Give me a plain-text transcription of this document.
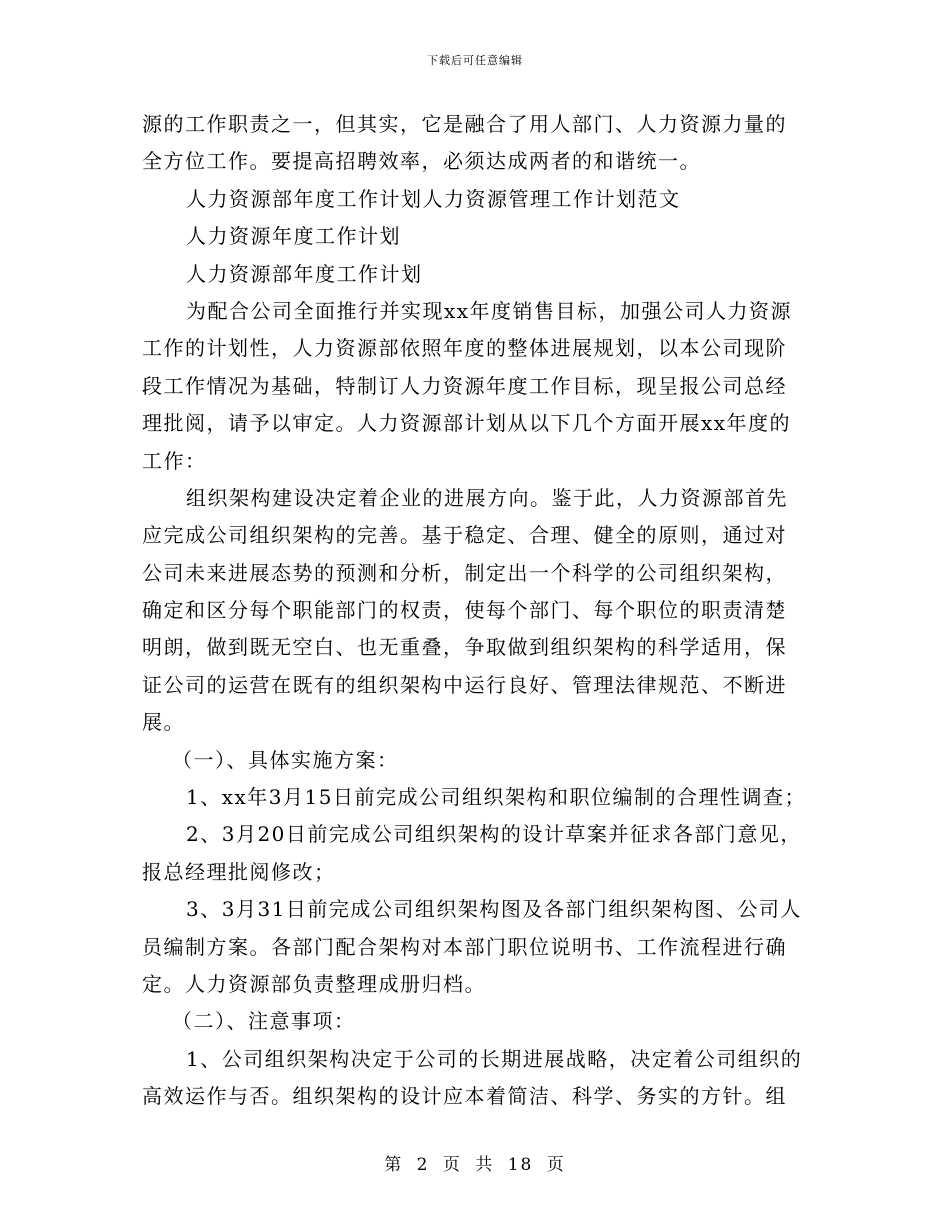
下载后可任意编辑
源的工作职责之一，但其实，它是融合了用人部门、人力资源力量的
全方位工作。要提高招聘效率，必须达成两者的和谐统一。
人力资源部年度工作计划人力资源管理工作计划范文
人力资源年度工作计划
人力资源部年度工作计划
为配合公司全面推行并实现xx年度销售目标，加强公司人力资源
工作的计划性，人力资源部依照年度的整体进展规划，以本公司现阶
段工作情况为基础，特制订人力资源年度工作目标，现呈报公司总经
理批阅，请予以审定。人力资源部计划从以下几个方面开展xx年度的
工作：
组织架构建设决定着企业的进展方向。鉴于此，人力资源部首先
应完成公司组织架构的完善。基于稳定、合理、健全的原则，通过对
公司未来进展态势的预测和分析，制定出一个科学的公司组织架构，
确定和区分每个职能部门的权责，使每个部门、每个职位的职责清楚
明朗，做到既无空白、也无重叠，争取做到组织架构的科学适用，保
证公司的运营在既有的组织架构中运行良好、管理法律规范、不断进
展。
（一）、具体实施方案：
1、xx年3月15日前完成公司组织架构和职位编制的合理性调查；
2、3月20日前完成公司组织架构的设计草案并征求各部门意见，
报总经理批阅修改；
3、3月31日前完成公司组织架构图及各部门组织架构图、公司人
员编制方案。各部门配合架构对本部门职位说明书、工作流程进行确
定。人力资源部负责整理成册归档。
（二）、注意事项：
1、公司组织架构决定于公司的长期进展战略，决定着公司组织的
高效运作与否。组织架构的设计应本着简洁、科学、务实的方针。组
第 2 页 共 18 页
